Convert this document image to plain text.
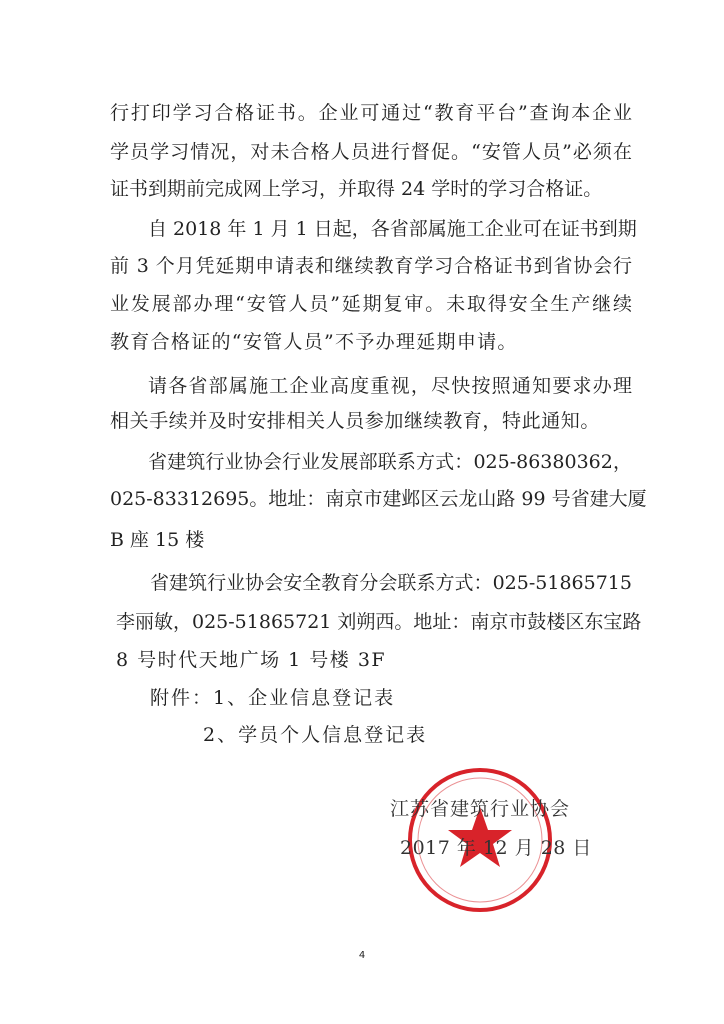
行打印学习合格证书。企业可通过“教育平台”查询本企业
学员学习情况，对未合格人员进行督促。“安管人员”必须在
证书到期前完成网上学习，并取得 24 学时的学习合格证。
自 2018 年 1 月 1 日起，各省部属施工企业可在证书到期
前 3 个月凭延期申请表和继续教育学习合格证书到省协会行
业发展部办理“安管人员”延期复审。未取得安全生产继续
教育合格证的“安管人员”不予办理延期申请。
请各省部属施工企业高度重视，尽快按照通知要求办理
相关手续并及时安排相关人员参加继续教育，特此通知。
省建筑行业协会行业发展部联系方式：025-86380362，
025-83312695。地址：南京市建邺区云龙山路 99 号省建大厦
B 座 15 楼
省建筑行业协会安全教育分会联系方式：025-51865715
李丽敏，025-51865721 刘朔西。地址：南京市鼓楼区东宝路
8 号时代天地广场 1 号楼 3F
附件：1、企业信息登记表
2、学员个人信息登记表
江苏省建筑行业协会
2017 年 12 月 28 日
4
